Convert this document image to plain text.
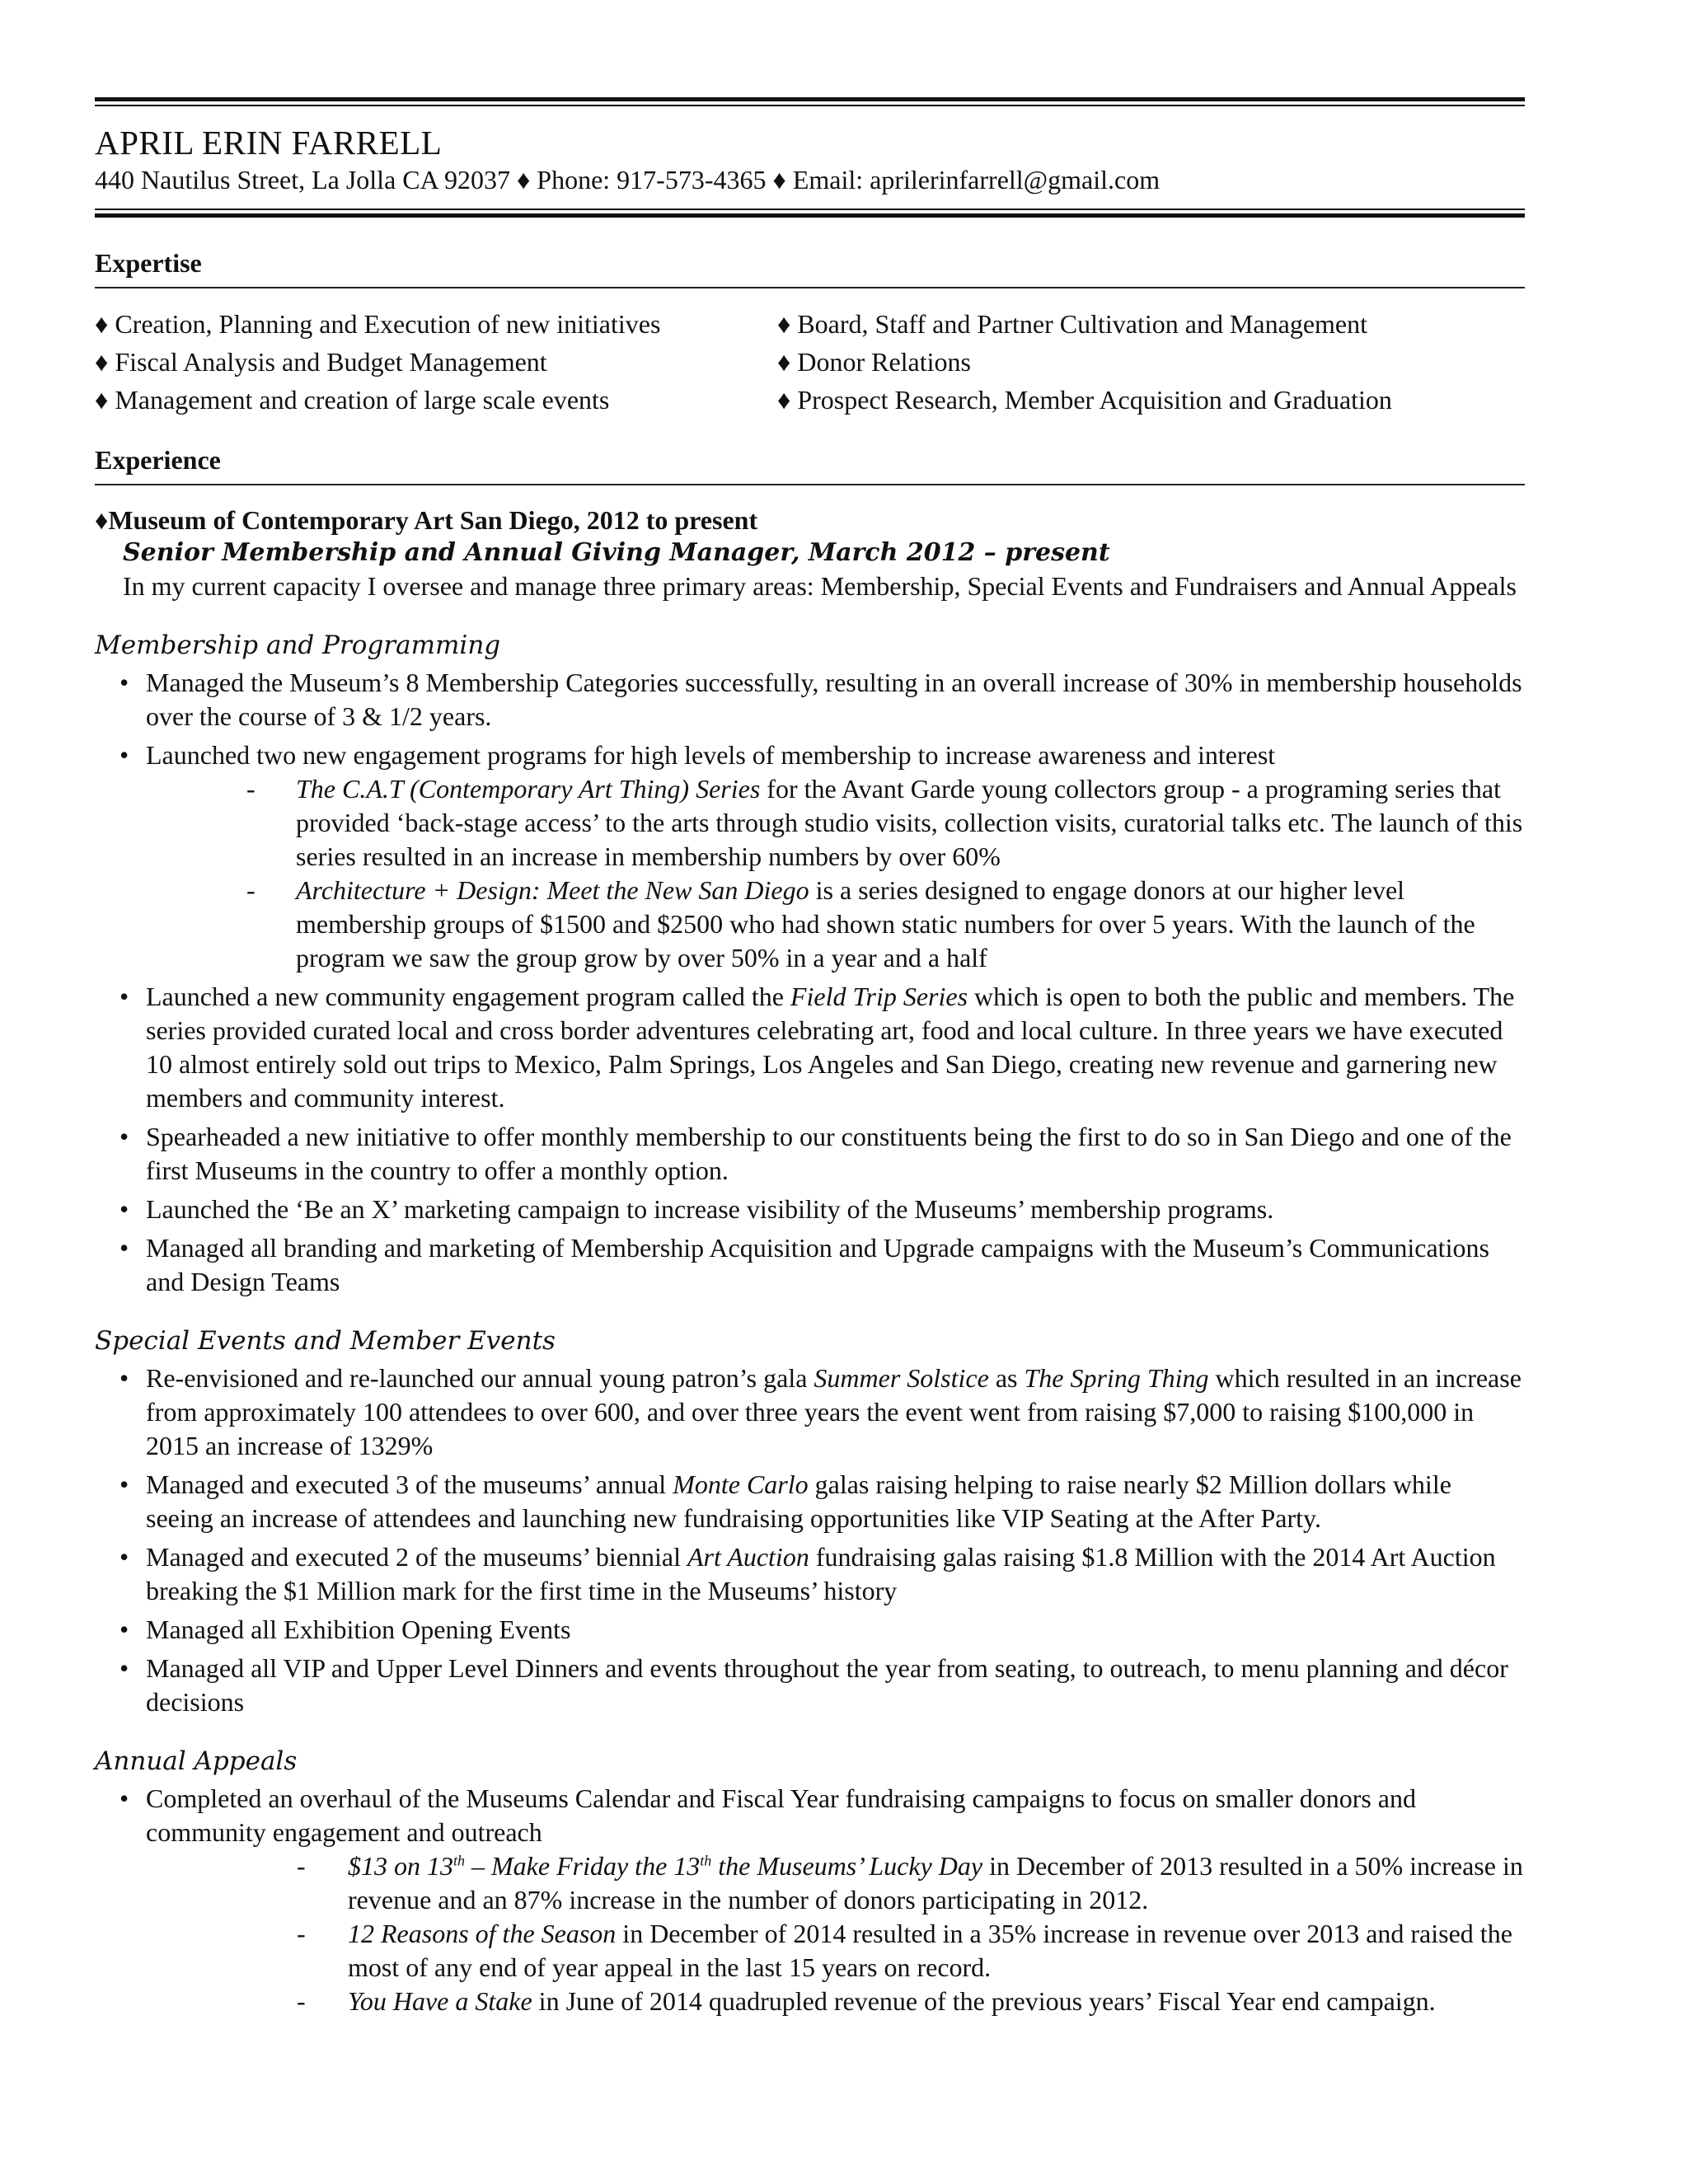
APRIL ERIN FARRELL
440 Nautilus Street, La Jolla CA 92037 ♦ Phone: 917-573-4365 ♦ Email: aprilerinfarrell@gmail.com
Expertise
♦ Creation, Planning and Execution of new initiatives	♦ Board, Staff and Partner Cultivation and Management
♦ Fiscal Analysis and Budget Management	♦ Donor Relations
♦ Management and creation of large scale events	♦ Prospect Research, Member Acquisition and Graduation
Experience
♦Museum of Contemporary Art San Diego, 2012 to present
Senior Membership and Annual Giving Manager, March 2012 – present
In my current capacity I oversee and manage three primary areas: Membership, Special Events and Fundraisers and Annual Appeals
Membership and Programming
• Managed the Museum’s 8 Membership Categories successfully, resulting in an overall increase of 30% in membership households over the course of 3 & 1/2 years.
• Launched two new engagement programs for high levels of membership to increase awareness and interest
- The C.A.T (Contemporary Art Thing) Series for the Avant Garde young collectors group - a programing series that provided ‘back-stage access’ to the arts through studio visits, collection visits, curatorial talks etc. The launch of this series resulted in an increase in membership numbers by over 60%
- Architecture + Design: Meet the New San Diego is a series designed to engage donors at our higher level membership groups of $1500 and $2500 who had shown static numbers for over 5 years. With the launch of the program we saw the group grow by over 50% in a year and a half
• Launched a new community engagement program called the Field Trip Series which is open to both the public and members. The series provided curated local and cross border adventures celebrating art, food and local culture. In three years we have executed 10 almost entirely sold out trips to Mexico, Palm Springs, Los Angeles and San Diego, creating new revenue and garnering new members and community interest.
• Spearheaded a new initiative to offer monthly membership to our constituents being the first to do so in San Diego and one of the first Museums in the country to offer a monthly option.
• Launched the ‘Be an X’ marketing campaign to increase visibility of the Museums’ membership programs.
• Managed all branding and marketing of Membership Acquisition and Upgrade campaigns with the Museum’s Communications and Design Teams
Special Events and Member Events
• Re-envisioned and re-launched our annual young patron’s gala Summer Solstice as The Spring Thing which resulted in an increase from approximately 100 attendees to over 600, and over three years the event went from raising $7,000 to raising $100,000 in 2015 an increase of 1329%
• Managed and executed 3 of the museums’ annual Monte Carlo galas raising helping to raise nearly $2 Million dollars while seeing an increase of attendees and launching new fundraising opportunities like VIP Seating at the After Party.
• Managed and executed 2 of the museums’ biennial Art Auction fundraising galas raising $1.8 Million with the 2014 Art Auction breaking the $1 Million mark for the first time in the Museums’ history
• Managed all Exhibition Opening Events
• Managed all VIP and Upper Level Dinners and events throughout the year from seating, to outreach, to menu planning and décor decisions
Annual Appeals
• Completed an overhaul of the Museums Calendar and Fiscal Year fundraising campaigns to focus on smaller donors and community engagement and outreach
- $13 on 13th – Make Friday the 13th the Museums’ Lucky Day in December of 2013 resulted in a 50% increase in revenue and an 87% increase in the number of donors participating in 2012.
- 12 Reasons of the Season in December of 2014 resulted in a 35% increase in revenue over 2013 and raised the most of any end of year appeal in the last 15 years on record.
- You Have a Stake in June of 2014 quadrupled revenue of the previous years’ Fiscal Year end campaign.
